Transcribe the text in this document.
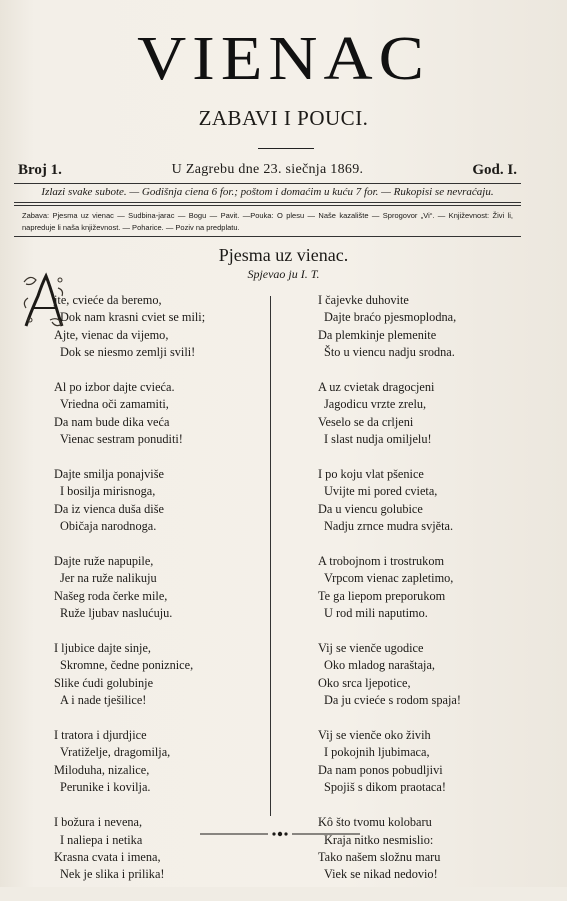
VIENAC
ZABAVI I POUCI.
Broj 1.	U Zagrebu dne 23. siečnja 1869.	God. I.
Izlazi svake subote. — Godišnja ciena 6 for.; poštom i domaćim u kuću 7 for. — Rukopisi se nevraćaju.
Zabava: Pjesma uz vienac — Sudbina-jarac — Bogu — Pavit. —Pouka: O plesu — Naše kazalište — Sprogovor „Vi“. — Književnost: Živi li, napreduje li naša književnost. — Poharice. — Poziv na predplatu.
Pjesma uz vienac.
Spjevao ju I. T.
A jte, cvieće da beremo,
Dok nam krasni cviet se mili;
Ajte, vienac da vijemo,
Dok se niesmo zemlji svili!
Al po izbor dajte cvieća.
Vriedna oči zamamiti,
Da nam bude dika veća
Vienac sestram ponuditi!
Dajte smilja ponajviše
I bosilja mirisnoga,
Da iz vienca duša diše
Običaja narodnoga.
Dajte ruže napupile,
Jer na ruže nalikuju
Našeg roda čerke mile,
Ruže ljubav naslućuju.
I ljubice dajte sinje,
Skromne, čedne poniznice,
Slike ćudi golubinje
A i nade tješilice!
I tratora i djurdjice
Vratiželje, dragomilja,
Miloduha, nizalice,
Perunike i kovilja.
I božura i nevena,
I naliepa i netika
Krasna cvata i imena,
Nek je slika i prilika!
I čajevke duhovite
Dajte braćo pjesmoplodna,
Da plemkinje plemenite
Što u viencu nadju srodna.
A uz cvietak dragocjeni
Jagodicu vrzte zrelu,
Veselo se da crljeni
I slast nudja omiljelu!
I po koju vlat pšenice
Uvijte mi pored cvieta,
Da u viencu golubice
Nadju zrnce mudra svjěta.
A trobojnom i trostrukom
Vrpcom vienac zapletimo,
Te ga liepom preporukom
U rod mili naputimo.
Vij se vienče ugodice
Oko mladog naraštaja,
Oko srca ljepotice,
Da ju cvieće s rodom spaja!
Vij se vienče oko živih
I pokojnih ljubimaca,
Da nam ponos pobudljivi
Spojiš s dikom praotaca!
Kô što tvomu kolobaru
Kraja nitko nesmislio:
Tako našem složnu maru
Viek se nikad nedovio!
